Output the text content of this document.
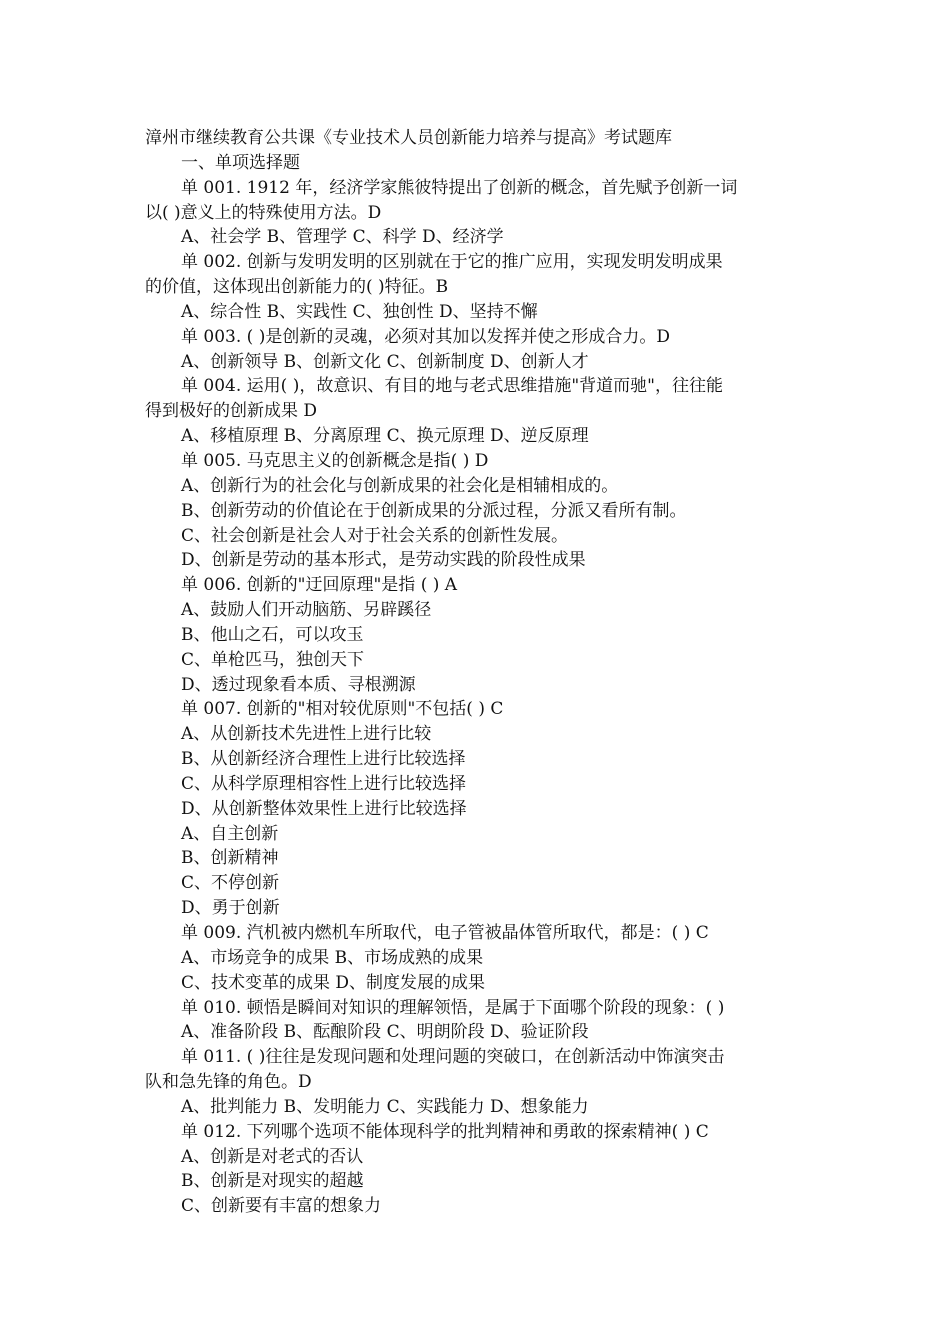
漳州市继续教育公共课《专业技术人员创新能力培养与提高》考试题库
一、单项选择题
单 001. 1912 年，经济学家熊彼特提出了创新的概念，首先赋予创新一词
以( )意义上的特殊使用方法。D
A、社会学 B、管理学 C、科学 D、经济学
单 002. 创新与发明发明的区别就在于它的推广应用，实现发明发明成果
的价值，这体现出创新能力的( )特征。B
A、综合性 B、实践性 C、独创性 D、坚持不懈
单 003. ( )是创新的灵魂，必须对其加以发挥并使之形成合力。D
A、创新领导 B、创新文化 C、创新制度 D、创新人才
单 004. 运用( )，故意识、有目的地与老式思维措施"背道而驰"，往往能
得到极好的创新成果 D
A、移植原理 B、分离原理 C、换元原理 D、逆反原理
单 005. 马克思主义的创新概念是指( ) D
A、创新行为的社会化与创新成果的社会化是相辅相成的。
B、创新劳动的价值论在于创新成果的分派过程，分派又看所有制。
C、社会创新是社会人对于社会关系的创新性发展。
D、创新是劳动的基本形式，是劳动实践的阶段性成果
单 006. 创新的"迂回原理"是指 ( ) A
A、鼓励人们开动脑筋、另辟蹊径
B、他山之石，可以攻玉
C、单枪匹马，独创天下
D、透过现象看本质、寻根溯源
单 007. 创新的"相对较优原则"不包括( ) C
A、从创新技术先进性上进行比较
B、从创新经济合理性上进行比较选择
C、从科学原理相容性上进行比较选择
D、从创新整体效果性上进行比较选择
A、自主创新
B、创新精神
C、不停创新
D、勇于创新
单 009. 汽机被内燃机车所取代，电子管被晶体管所取代，都是：( ) C
A、市场竞争的成果 B、市场成熟的成果
C、技术变革的成果 D、制度发展的成果
单 010. 顿悟是瞬间对知识的理解领悟，是属于下面哪个阶段的现象：( )
A、准备阶段 B、酝酿阶段 C、明朗阶段 D、验证阶段
单 011. ( )往往是发现问题和处理问题的突破口，在创新活动中饰演突击
队和急先锋的角色。D
A、批判能力 B、发明能力 C、实践能力 D、想象能力
单 012. 下列哪个选项不能体现科学的批判精神和勇敢的探索精神( ) C
A、创新是对老式的否认
B、创新是对现实的超越
C、创新要有丰富的想象力
